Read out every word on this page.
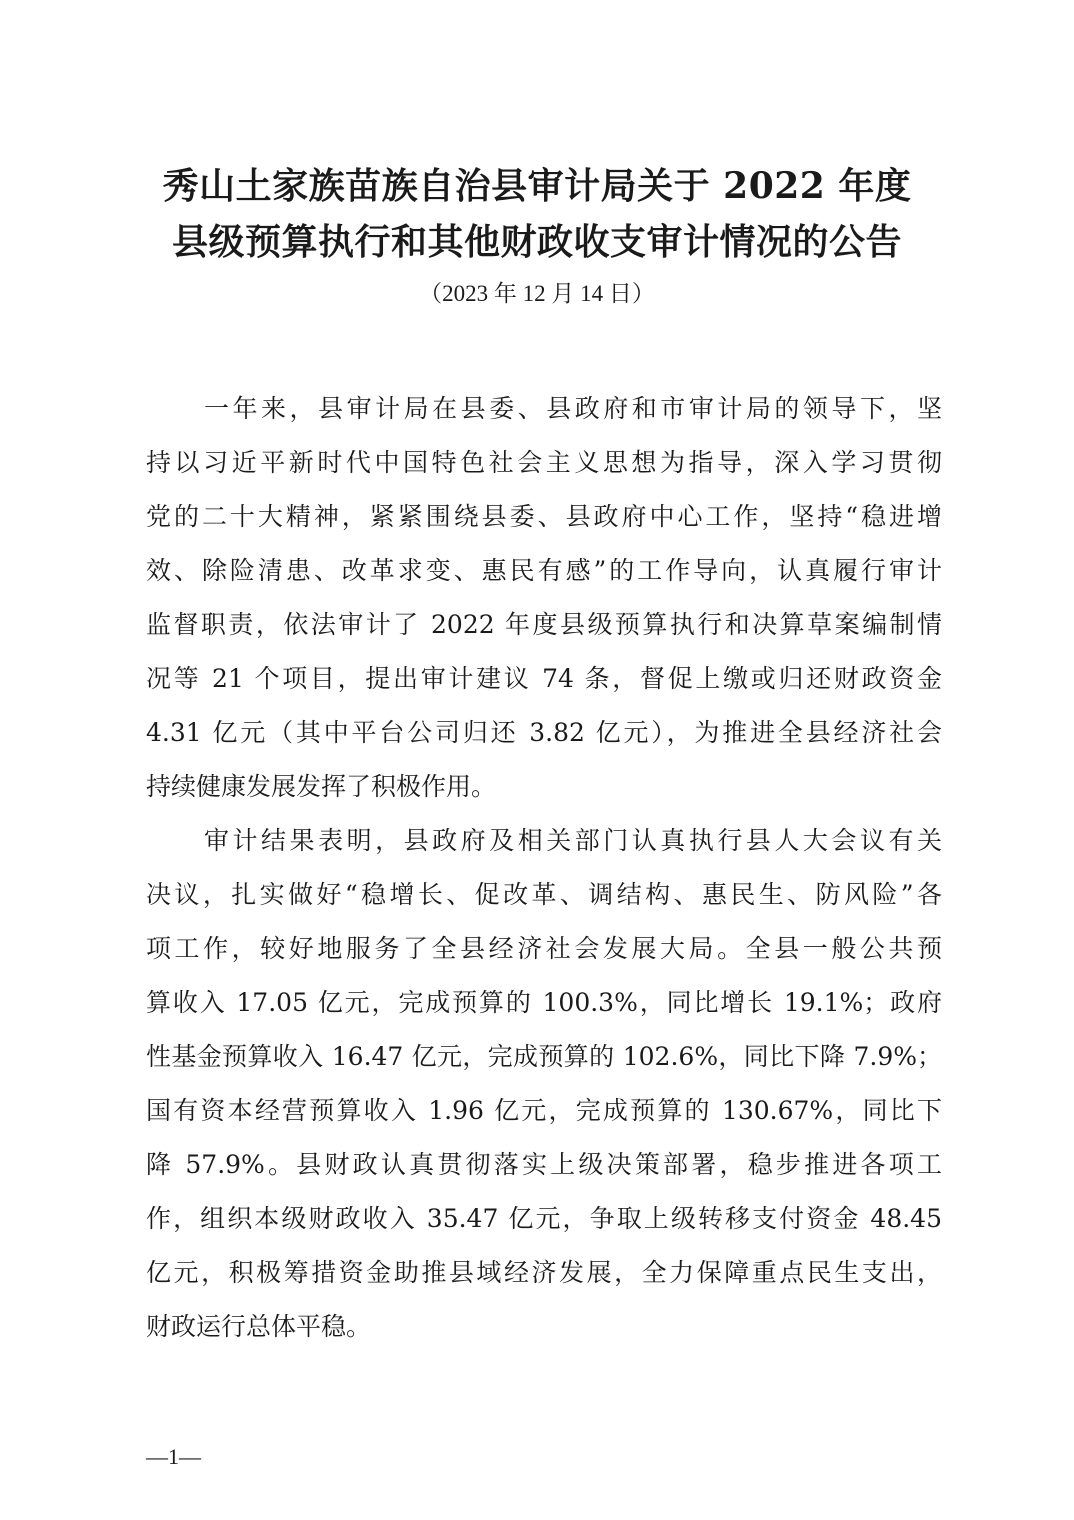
秀山土家族苗族自治县审计局关于 2022 年度
县级预算执行和其他财政收支审计情况的公告
（2023 年 12 月 14 日）
一年来，县审计局在县委、县政府和市审计局的领导下，坚
持以习近平新时代中国特色社会主义思想为指导，深入学习贯彻
党的二十大精神，紧紧围绕县委、县政府中心工作，坚持“稳进增
效、除险清患、改革求变、惠民有感”的工作导向，认真履行审计
监督职责，依法审计了 2022 年度县级预算执行和决算草案编制情
况等 21 个项目，提出审计建议 74 条，督促上缴或归还财政资金
4.31 亿元（其中平台公司归还 3.82 亿元），为推进全县经济社会
持续健康发展发挥了积极作用。
审计结果表明，县政府及相关部门认真执行县人大会议有关
决议，扎实做好“稳增长、促改革、调结构、惠民生、防风险”各
项工作，较好地服务了全县经济社会发展大局。全县一般公共预
算收入 17.05 亿元，完成预算的 100.3%，同比增长 19.1%；政府
性基金预算收入 16.47 亿元，完成预算的 102.6%，同比下降 7.9%；
国有资本经营预算收入 1.96 亿元，完成预算的 130.67%，同比下
降 57.9%。县财政认真贯彻落实上级决策部署，稳步推进各项工
作，组织本级财政收入 35.47 亿元，争取上级转移支付资金 48.45
亿元，积极筹措资金助推县域经济发展，全力保障重点民生支出，
财政运行总体平稳。
—1—
